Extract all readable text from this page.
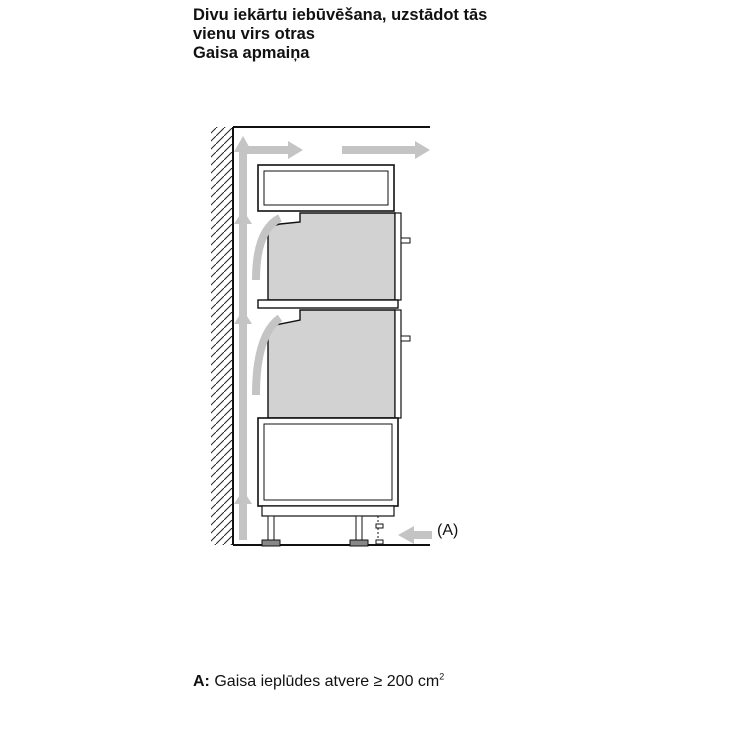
Divu iekārtu iebūvēšana, uzstādot tās
vienu virs otras
Gaisa apmaiņa
(A)
A: Gaisa ieplūdes atvere ≥ 200 $cm^2$
